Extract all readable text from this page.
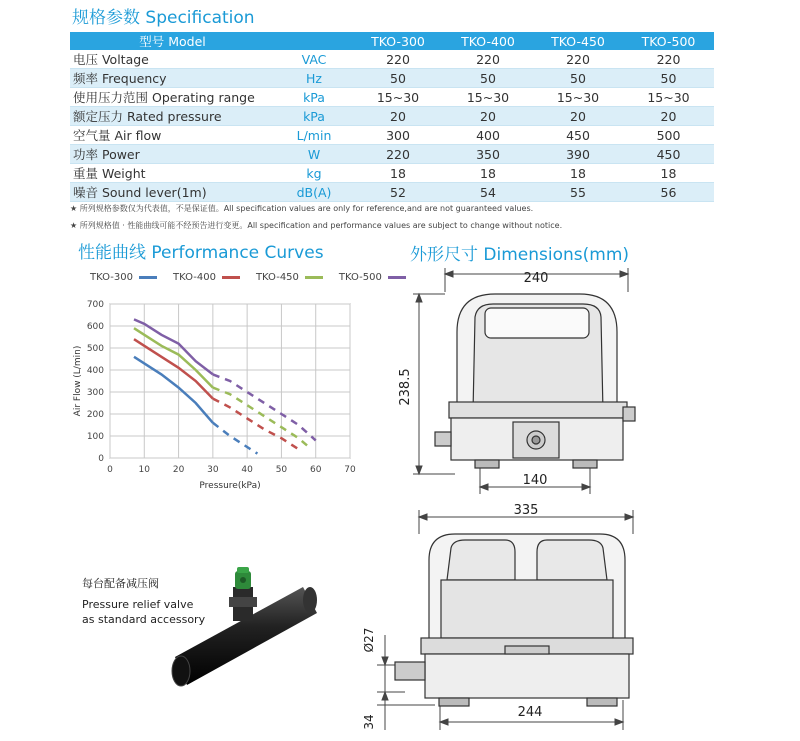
规格参数 Specification
性能曲线 Performance Curves	外形尺寸 Dimensions(mm)
型号 Model		TKO-300	TKO-400	TKO-450	TKO-500
电压 Voltage	VAC	220	220	220	220
频率 Frequency	Hz	50	50	50	50
使用压力范围 Operating range	kPa	15~30	15~30	15~30	15~30
额定压力 Rated pressure	kPa	20	20	20	20
空气量 Air flow	L/min	300	400	450	500
功率 Power	W	220	350	390	450
重量 Weight	kg	18	18	18	18
噪音 Sound lever(1m)	dB(A)	52	54	55	56
★ 所列规格参数仅为代表值，不是保证值。All specification values are only for reference,and are not guaranteed values.
★ 所列规格值 · 性能曲线可能不经预告进行变更。All specification and performance values are subject to change without notice.
TKO-300	TKO-400	TKO-450	TKO-500
0
100
200
300
400
500
600
700
0	10	20	30	40	50	60	70
Pressure(kPa)
Air Flow (L/min)
每台配备减压阀
Pressure relief valve
as standard accessory
240
238.5
140
335
Ø27
34
244
